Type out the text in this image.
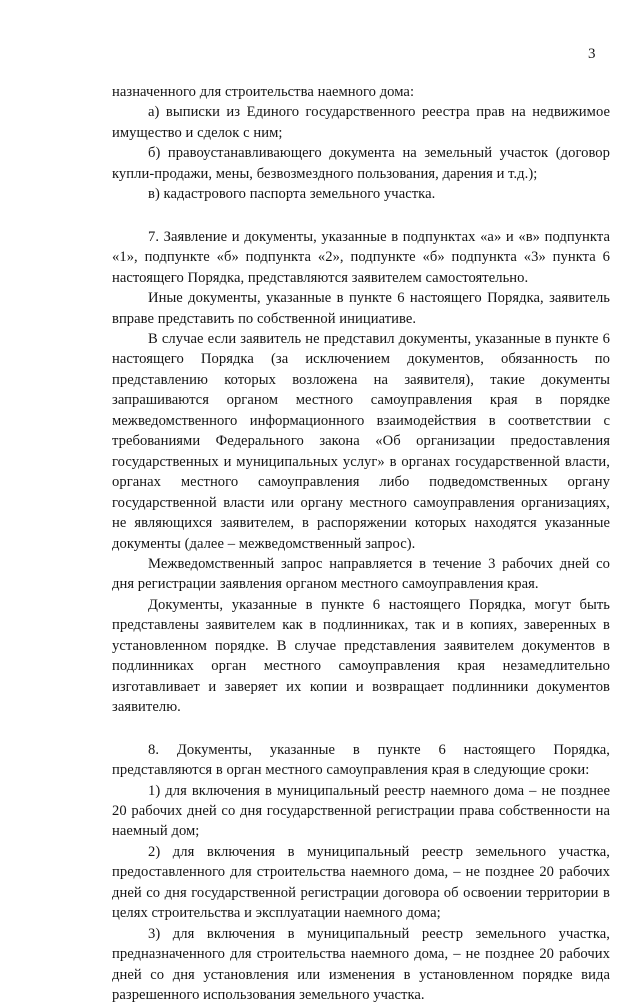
3

назначенного для строительства наемного дома:

а) выписки из Единого государственного реестра прав на недвижимое имущество и сделок с ним;

б) правоустанавливающего документа на земельный участок (договор купли-продажи, мены, безвозмездного пользования, дарения и т.д.);

в) кадастрового паспорта земельного участка.

7. Заявление и документы, указанные в подпунктах «а» и «в» подпункта «1», подпункте «б» подпункта «2», подпункте «б» подпункта «3» пункта 6 настоящего Порядка, представляются заявителем самостоятельно.

Иные документы, указанные в пункте 6 настоящего Порядка, заявитель вправе представить по собственной инициативе.

В случае если заявитель не представил документы, указанные в пункте 6 настоящего Порядка (за исключением документов, обязанность по представлению которых возложена на заявителя), такие документы запрашиваются органом местного самоуправления края в порядке межведомственного информационного взаимодействия в соответствии с требованиями Федерального закона «Об организации предоставления государственных и муниципальных услуг» в органах государственной власти, органах местного самоуправления либо подведомственных органу государственной власти или органу местного самоуправления организациях, не являющихся заявителем, в распоряжении которых находятся указанные документы (далее – межведомственный запрос).

Межведомственный запрос направляется в течение 3 рабочих дней со дня регистрации заявления органом местного самоуправления края.

Документы, указанные в пункте 6 настоящего Порядка, могут быть представлены заявителем как в подлинниках, так и в копиях, заверенных в установленном порядке. В случае представления заявителем документов в подлинниках орган местного самоуправления края незамедлительно изготавливает и заверяет их копии и возвращает подлинники документов заявителю.

8. Документы, указанные в пункте 6 настоящего Порядка, представляются в орган местного самоуправления края в следующие сроки:

1) для включения в муниципальный реестр наемного дома – не позднее 20 рабочих дней со дня государственной регистрации права собственности на наемный дом;

2) для включения в муниципальный реестр земельного участка, предоставленного для строительства наемного дома, – не позднее 20 рабочих дней со дня государственной регистрации договора об освоении территории в целях строительства и эксплуатации наемного дома;

3) для включения в муниципальный реестр земельного участка, предназначенного для строительства наемного дома, – не позднее 20 рабочих дней со дня установления или изменения в установленном порядке вида разрешенного использования земельного участка.
